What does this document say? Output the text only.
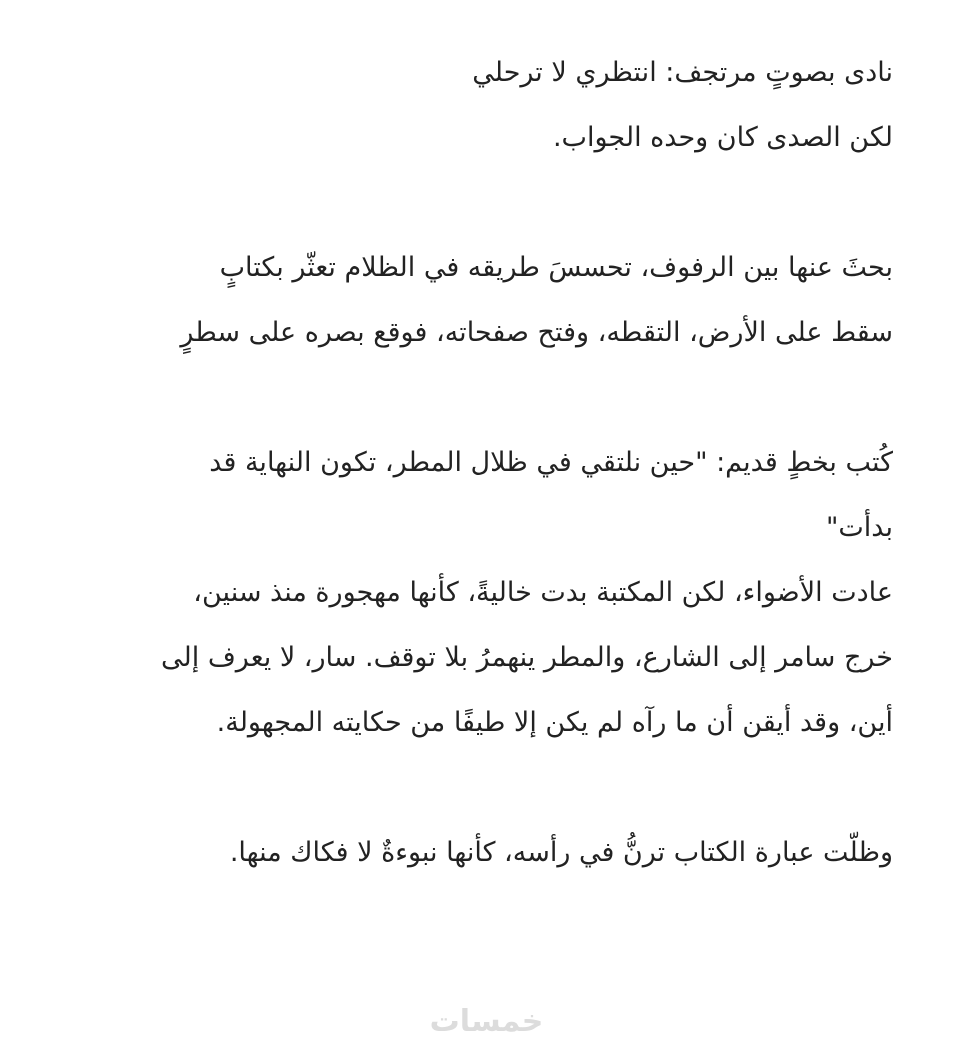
نادى بصوتٍ مرتجف: انتظري لا ترحلي

لكن الصدى كان وحده الجواب.

بحثَ عنها بين الرفوف، تحسسَ طريقه في الظلام تعثّر بكتابٍ

سقط على الأرض، التقطه، وفتح صفحاته، فوقع بصره على سطرٍ

كُتب بخطٍ قديم: "حين نلتقي في ظلال المطر، تكون النهاية قد

بدأت"

عادت الأضواء، لكن المكتبة بدت خاليةً، كأنها مهجورة منذ سنين،

خرج سامر إلى الشارع، والمطر ينهمرُ بلا توقف. سار، لا يعرف إلى

أين، وقد أيقن أن ما رآه لم يكن إلا طيفًا من حكايته المجهولة.

وظلّت عبارة الكتاب ترنُّ في رأسه، كأنها نبوءةٌ لا فكاك منها.

خمسات
